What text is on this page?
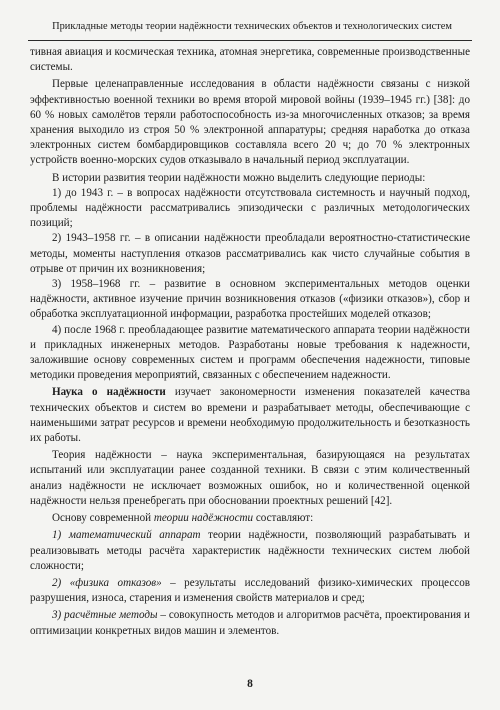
Прикладные методы теории надёжности технических объектов и технологических систем

тивная авиация и космическая техника, атомная энергетика, современные производственные системы.

Первые целенаправленные исследования в области надёжности связаны с низкой эффективностью военной техники во время второй мировой войны (1939–1945 гг.) [38]: до 60 % новых самолётов теряли работоспособность из-за многочисленных отказов; за время хранения выходило из строя 50 % электронной аппаратуры; средняя наработка до отказа электронных систем бомбардировщиков составляла всего 20 ч; до 70 % электронных устройств военно-морских судов отказывало в начальный период эксплуатации.

В истории развития теории надёжности можно выделить следующие периоды:

1) до 1943 г. – в вопросах надёжности отсутствовала системность и научный подход, проблемы надёжности рассматривались эпизодически с различных методологических позиций;

2) 1943–1958 гг. – в описании надёжности преобладали вероятностно-статистические методы, моменты наступления отказов рассматривались как чисто случайные события в отрыве от причин их возникновения;

3) 1958–1968 гг. – развитие в основном экспериментальных методов оценки надёжности, активное изучение причин возникновения отказов («физики отказов»), сбор и обработка эксплуатационной информации, разработка простейших моделей отказов;

4) после 1968 г. преобладающее развитие математического аппарата теории надёжности и прикладных инженерных методов. Разработаны новые требования к надежности, заложившие основу современных систем и программ обеспечения надежности, типовые методики проведения мероприятий, связанных с обеспечением надежности.

Наука о надёжности изучает закономерности изменения показателей качества технических объектов и систем во времени и разрабатывает методы, обеспечивающие с наименьшими затрат ресурсов и времени необходимую продолжительность и безотказность их работы.

Теория надёжности – наука экспериментальная, базирующаяся на результатах испытаний или эксплуатации ранее созданной техники. В связи с этим количественный анализ надёжности не исключает возможных ошибок, но и количественной оценкой надёжности нельзя пренебрегать при обосновании проектных решений [42].

Основу современной теории надёжности составляют:

1) математический аппарат теории надёжности, позволяющий разрабатывать и реализовывать методы расчёта характеристик надёжности технических систем любой сложности;

2) «физика отказов» – результаты исследований физико-химических процессов разрушения, износа, старения и изменения свойств материалов и сред;

3) расчётные методы – совокупность методов и алгоритмов расчёта, проектирования и оптимизации конкретных видов машин и элементов.

8
